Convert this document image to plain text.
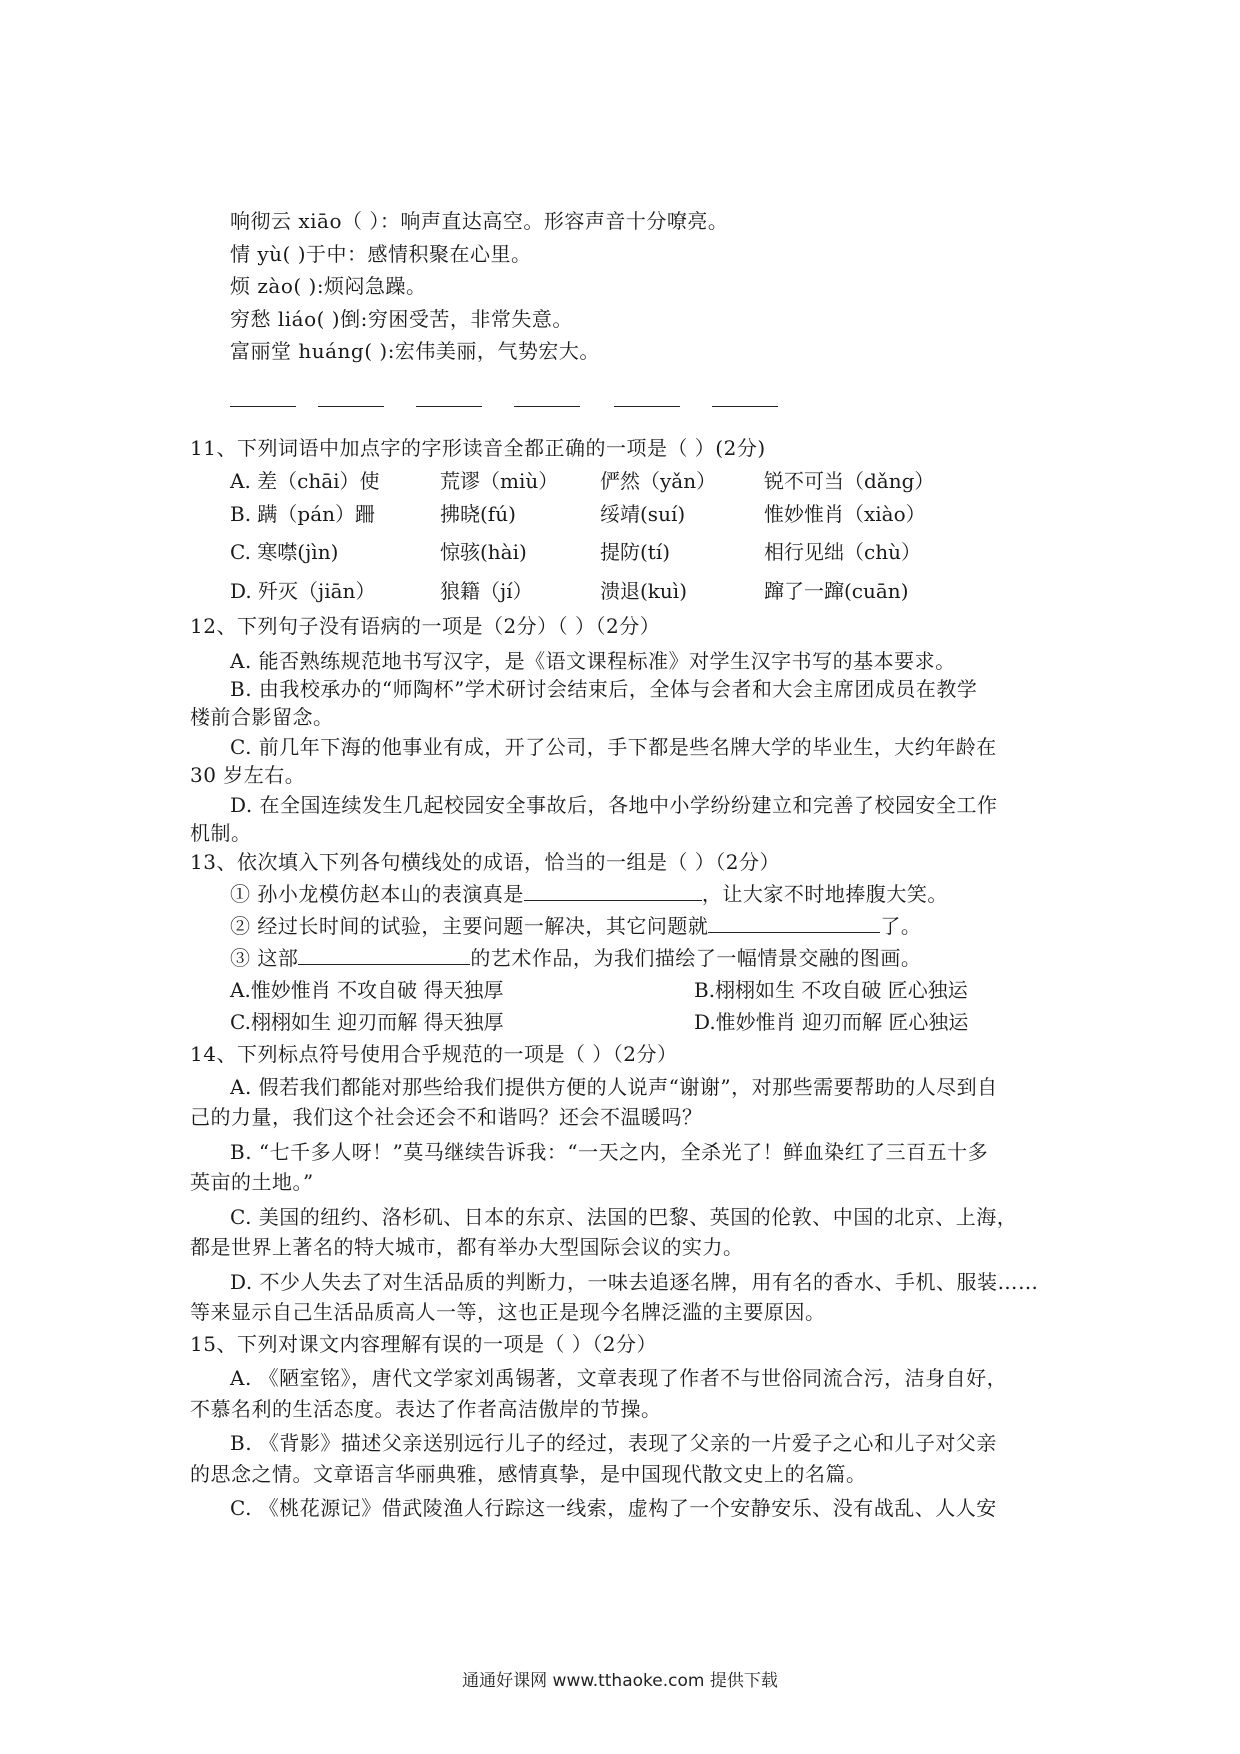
响彻云 xiāo（ ）：响声直达高空。形容声音十分嘹亮。
情 yù( )于中：感情积聚在心里。
烦 zào( ):烦闷急躁。
穷愁 liáo( )倒:穷困受苦，非常失意。
富丽堂 huáng( ):宏伟美丽，气势宏大。
11、下列词语中加点字的字形读音全都正确的一项是（ ）(2分)
A. 差（chāi）使	荒谬（miù） 俨然（yǎn） 锐不可当（dǎng）
B. 蹒（pán）跚	拂晓(fú)	绥靖(suí)	惟妙惟肖（xiào）
C. 寒噤(jìn)	惊骇(hài)	提防(tí)	相行见绌（chù）
D. 歼灭（jiān）	狼籍（jí）	溃退(kuì)	蹿了一蹿(cuān)
12、下列句子没有语病的一项是（2分）（ ）（2分）
A. 能否熟练规范地书写汉字，是《语文课程标准》对学生汉字书写的基本要求。
B. 由我校承办的“师陶杯”学术研讨会结束后，全体与会者和大会主席团成员在教学
楼前合影留念。
C. 前几年下海的他事业有成，开了公司，手下都是些名牌大学的毕业生，大约年龄在
30 岁左右。
D. 在全国连续发生几起校园安全事故后，各地中小学纷纷建立和完善了校园安全工作
机制。
13、依次填入下列各句横线处的成语，恰当的一组是（ ）（2分）
① 孙小龙模仿赵本山的表演真是	，让大家不时地捧腹大笑。
② 经过长时间的试验，主要问题一解决，其它问题就	了。
③ 这部	的艺术作品，为我们描绘了一幅情景交融的图画。
A.惟妙惟肖 不攻自破 得天独厚	B.栩栩如生 不攻自破 匠心独运
C.栩栩如生 迎刃而解 得天独厚	D.惟妙惟肖 迎刃而解 匠心独运
14、下列标点符号使用合乎规范的一项是（ ）（2分）
A. 假若我们都能对那些给我们提供方便的人说声“谢谢”，对那些需要帮助的人尽到自
己的力量，我们这个社会还会不和谐吗？还会不温暖吗？
B. “七千多人呀！”莫马继续告诉我：“一天之内，全杀光了！鲜血染红了三百五十多
英亩的土地。”
C. 美国的纽约、洛杉矶、日本的东京、法国的巴黎、英国的伦敦、中国的北京、上海，
都是世界上著名的特大城市，都有举办大型国际会议的实力。
D. 不少人失去了对生活品质的判断力，一味去追逐名牌，用有名的香水、手机、服装……
等来显示自己生活品质高人一等，这也正是现今名牌泛滥的主要原因。
15、下列对课文内容理解有误的一项是（ ）（2分）
A. 《陋室铭》，唐代文学家刘禹锡著，文章表现了作者不与世俗同流合污，洁身自好，
不慕名利的生活态度。表达了作者高洁傲岸的节操。
B. 《背影》描述父亲送别远行儿子的经过，表现了父亲的一片爱子之心和儿子对父亲
的思念之情。文章语言华丽典雅，感情真挚，是中国现代散文史上的名篇。
C. 《桃花源记》借武陵渔人行踪这一线索，虚构了一个安静安乐、没有战乱、人人安
通通好课网 www.tthaoke.com 提供下载
